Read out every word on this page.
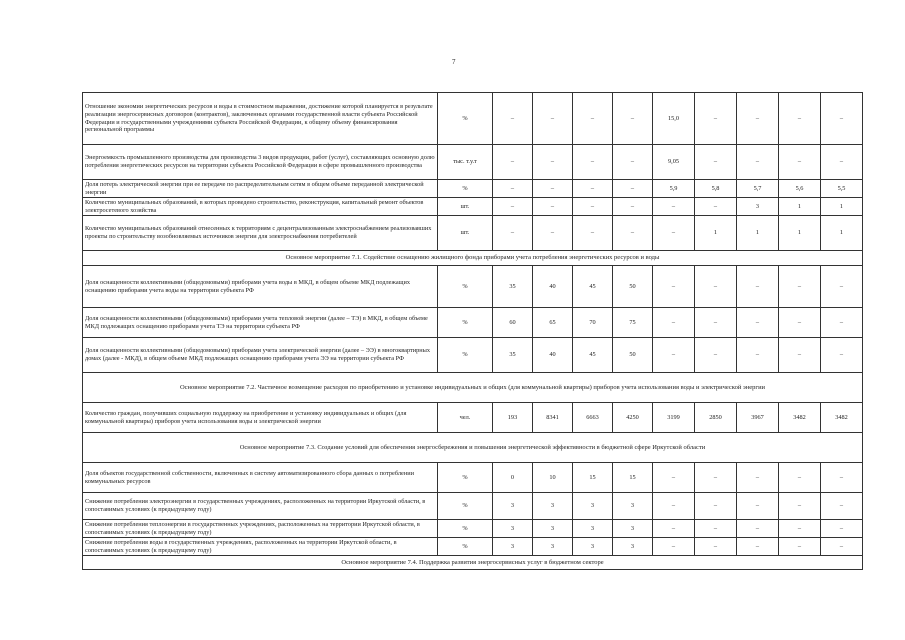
7
Отношение экономии энергетических ресурсов и воды в стоимостном выражении, достижение которой планируется в результате реализации энергосервисных договоров (контрактов), заключенных органами государственной власти субъекта Российской Федерации и государственными учреждениями субъекта Российской Федерации, к общему объему финансирования региональной программы	%	–	–	–	–	15,0	–	–	–	–
Энергоемкость промышленного производства для производства 3 видов продукции, работ (услуг), составляющих основную долю потребления энергетических ресурсов на территории субъекта Российской Федерации в сфере промышленного производства	тыс. т.у.т	–	–	–	–	9,05	–	–	–	–
Доля потерь электрической энергии при ее передаче по распределительным сетям в общем объеме переданной электрической энергии	%	–	–	–	–	5,9	5,8	5,7	5,6	5,5
Количество муниципальных образований, в которых проведено строительство, реконструкция, капитальный ремонт объектов электросетевого хозяйства	шт.	–	–	–	–	–	–	3	1	1
Количество муниципальных образований отнесенных к территориям с децентрализованным электроснабжением реализовавших проекты по строительству возобновляемых источников энергии для электроснабжения потребителей	шт.	–	–	–	–	–	1	1	1	1
Основное мероприятие 7.1. Содействие оснащению жилищного фонда приборами учета потребления энергетических ресурсов и воды										
Доля оснащенности коллективными (общедомовыми) приборами учета воды в МКД, в общем объеме МКД подлежащих оснащению приборами учета воды на территории субъекта РФ	%	35	40	45	50	–	–	–	–	–
Доля оснащенности коллективными (общедомовыми) приборами учета тепловой энергии (далее – ТЭ) в МКД, в общем объеме МКД подлежащих оснащению приборами учета ТЭ на территории субъекта РФ	%	60	65	70	75	–	–	–	–	–
Доля оснащенности коллективными (общедомовыми) приборами учета электрической энергии (далее – ЭЭ) в многоквартирных домах (далее - МКД), в общем объеме МКД подлежащих оснащению приборами учета ЭЭ на территории субъекта РФ	%	35	40	45	50	–	–	–	–	–
Основное мероприятие 7.2. Частичное возмещение расходов по приобретению и установке индивидуальных и общих (для коммунальной квартиры) приборов учета использования воды и электрической энергии										
Количество граждан, получивших социальную поддержку на приобретение и установку индивидуальных и общих (для коммунальной квартиры) приборов учета использования воды и электрической энергии	чел.	193	8341	6663	4250	3199	2850	3967	3482	3482
Основное мероприятие 7.3. Создание условий для обеспечения энергосбережения и повышения энергетической эффективности в бюджетной сфере Иркутской области										
Доля объектов государственной собственности, включенных в систему автоматизированного сбора данных о потреблении коммунальных ресурсов	%	0	10	15	15	–	–	–	–	–
Снижение потребления электроэнергии в государственных учреждениях, расположенных на территории Иркутской области, в сопоставимых условиях (к предыдущему году)	%	3	3	3	3	–	–	–	–	–
Снижение потребления теплоэнергии в государственных учреждениях, расположенных на территории Иркутской области, в сопоставимых условиях (к предыдущему году)	%	3	3	3	3	–	–	–	–	–
Снижение потребления воды в государственных учреждениях, расположенных на территории Иркутской области, в сопоставимых условиях (к предыдущему году)	%	3	3	3	3	–	–	–	–	–
Основное мероприятие 7.4. Поддержка развития энергосервисных услуг в бюджетном секторе										
